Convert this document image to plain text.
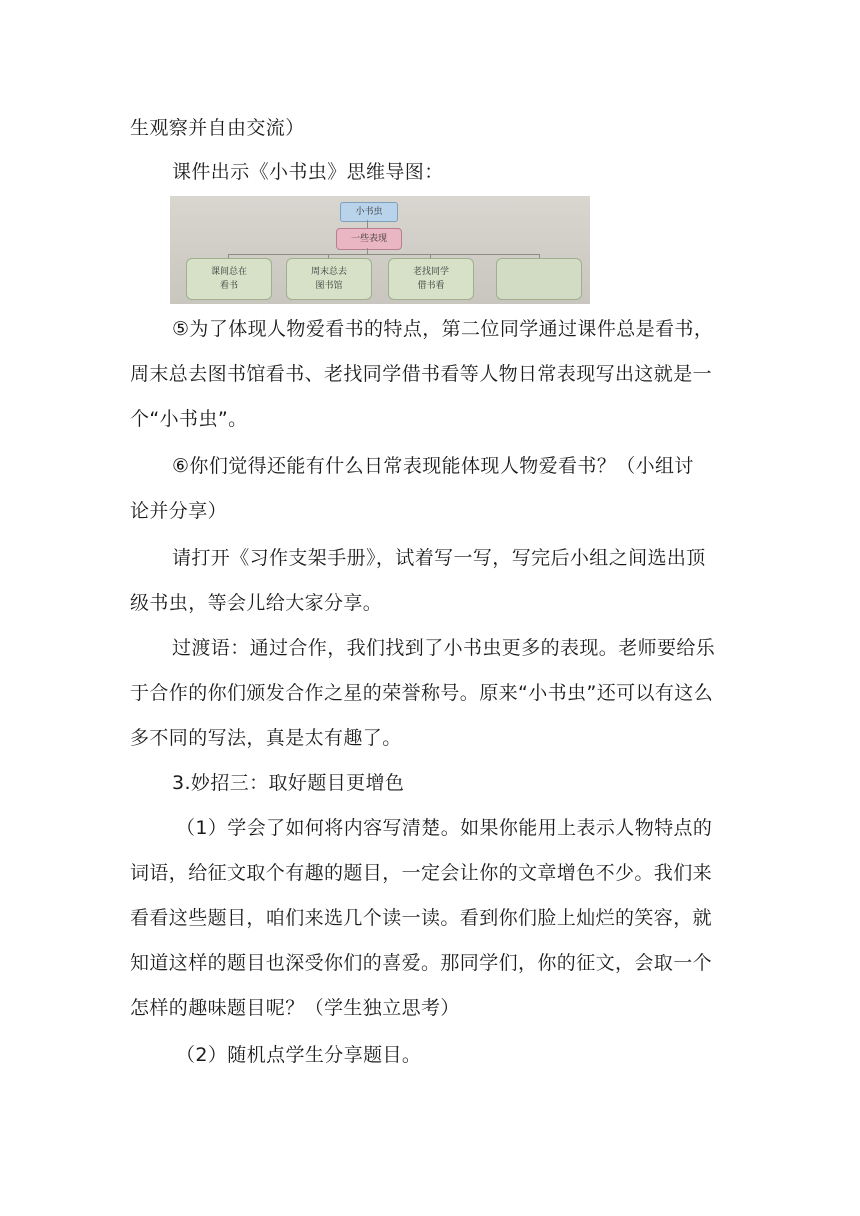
生观察并自由交流）
课件出示《小书虫》思维导图：
小书虫
一些表现
课间总在
看书
周末总去
图书馆
老找同学
借书看
⑤为了体现人物爱看书的特点，第二位同学通过课件总是看书，
周末总去图书馆看书、老找同学借书看等人物日常表现写出这就是一
个“小书虫”。
⑥你们觉得还能有什么日常表现能体现人物爱看书？（小组讨
论并分享）
请打开《习作支架手册》，试着写一写，写完后小组之间选出顶
级书虫，等会儿给大家分享。
过渡语：通过合作，我们找到了小书虫更多的表现。老师要给乐
于合作的你们颁发合作之星的荣誉称号。原来“小书虫”还可以有这么
多不同的写法，真是太有趣了。
3.妙招三：取好题目更增色
（1）学会了如何将内容写清楚。如果你能用上表示人物特点的
词语，给征文取个有趣的题目，一定会让你的文章增色不少。我们来
看看这些题目，咱们来选几个读一读。看到你们脸上灿烂的笑容，就
知道这样的题目也深受你们的喜爱。那同学们，你的征文，会取一个
怎样的趣味题目呢？（学生独立思考）
（2）随机点学生分享题目。
